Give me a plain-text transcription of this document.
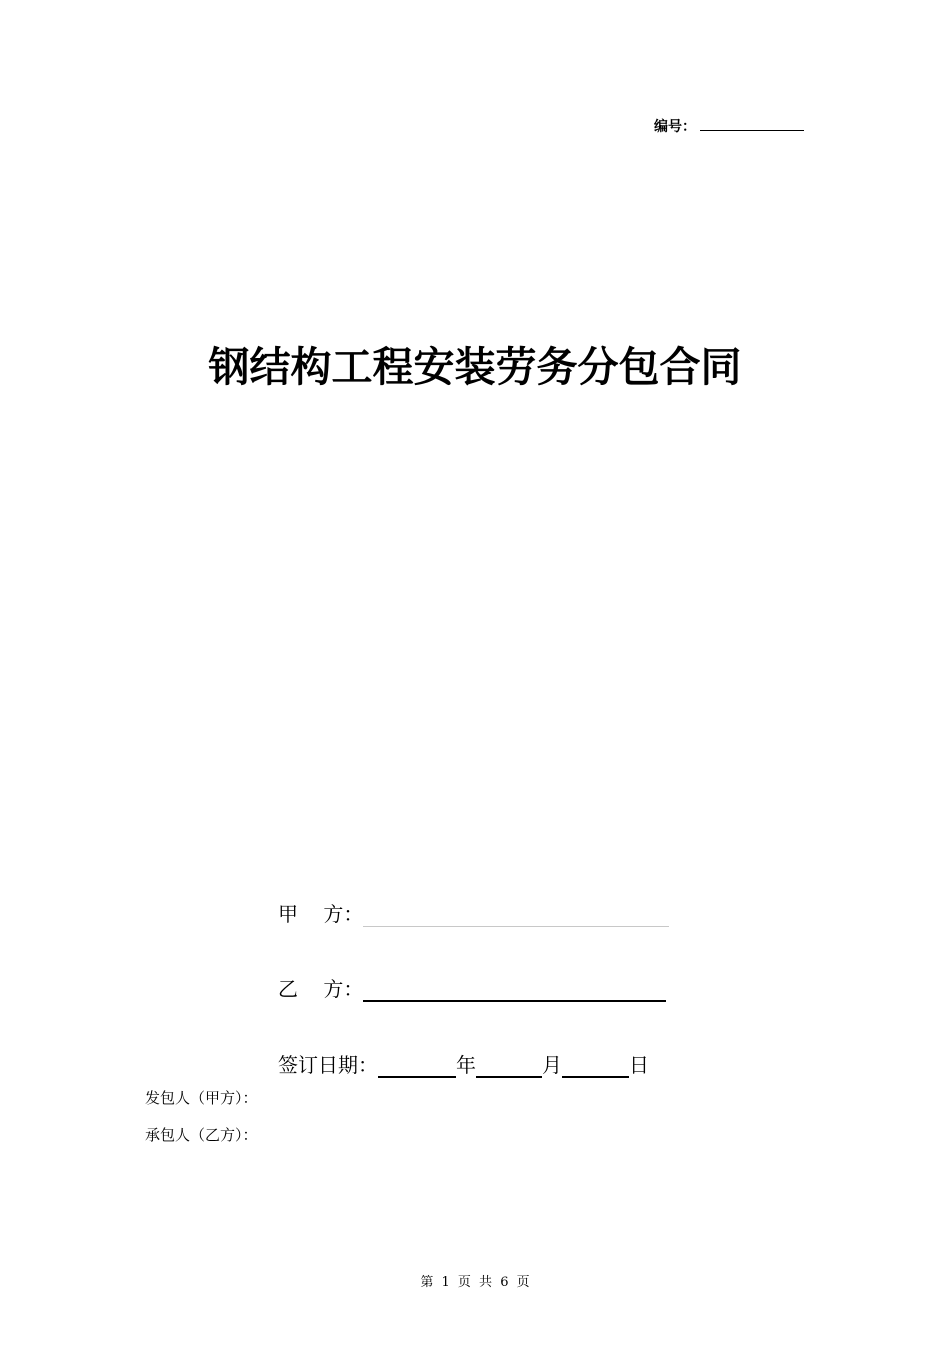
编号：
钢结构工程安装劳务分包合同
甲    方：
乙    方：
签订日期：	年	月	日
发包人（甲方）：
承包人（乙方）：
第 1 页 共 6 页
